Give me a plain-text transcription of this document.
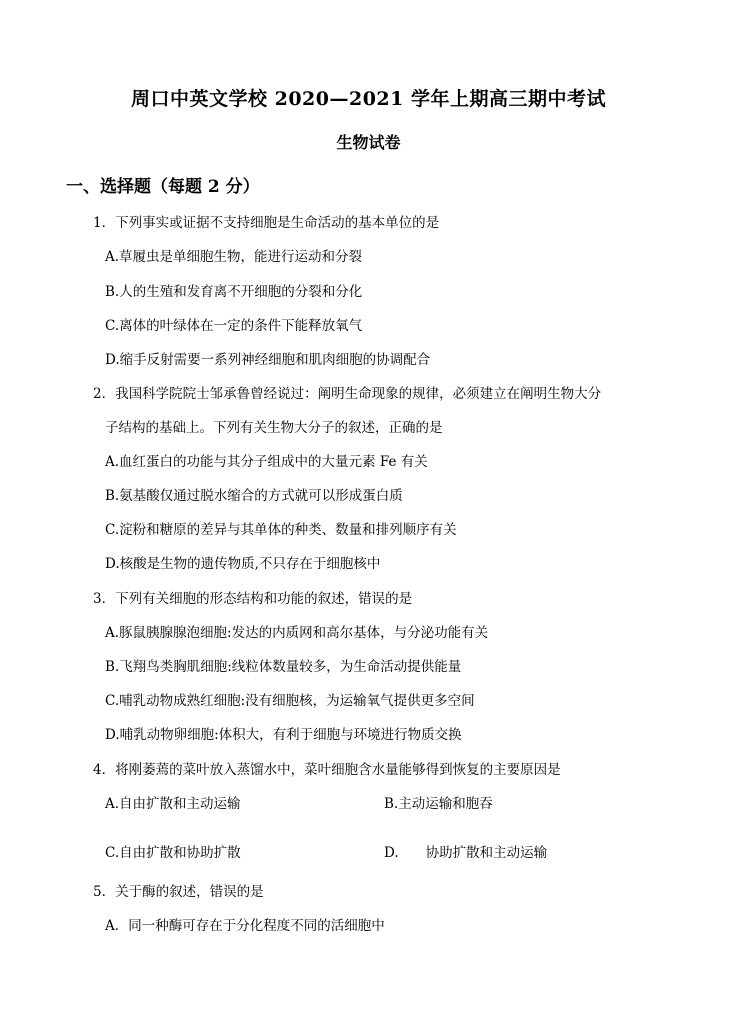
周口中英文学校 2020—2021 学年上期高三期中考试
生物试卷
一、选择题（每题 2 分）
1．下列事实或证据不支持细胞是生命活动的基本单位的是
A.草履虫是单细胞生物，能进行运动和分裂
B.人的生殖和发育离不开细胞的分裂和分化
C.离体的叶绿体在一定的条件下能释放氧气
D.缩手反射需要一系列神经细胞和肌肉细胞的协调配合
2．我国科学院院士邹承鲁曾经说过：阐明生命现象的规律，必须建立在阐明生物大分
子结构的基础上。下列有关生物大分子的叙述，正确的是
A.血红蛋白的功能与其分子组成中的大量元素 Fe 有关
B.氨基酸仅通过脱水缩合的方式就可以形成蛋白质
C.淀粉和糖原的差异与其单体的种类、数量和排列顺序有关
D.核酸是生物的遗传物质,不只存在于细胞核中
3．下列有关细胞的形态结构和功能的叙述，错误的是
A.豚鼠胰腺腺泡细胞:发达的内质网和高尔基体，与分泌功能有关
B.飞翔鸟类胸肌细胞:线粒体数量较多，为生命活动提供能量
C.哺乳动物成熟红细胞:没有细胞核，为运输氧气提供更多空间
D.哺乳动物卵细胞:体积大，有利于细胞与环境进行物质交换
4．将刚萎蔫的菜叶放入蒸馏水中，菜叶细胞含水量能够得到恢复的主要原因是
A.自由扩散和主动运输	B.主动运输和胞吞
C.自由扩散和协助扩散	D.　　协助扩散和主动运输
5．关于酶的叙述，错误的是
A．同一种酶可存在于分化程度不同的活细胞中
